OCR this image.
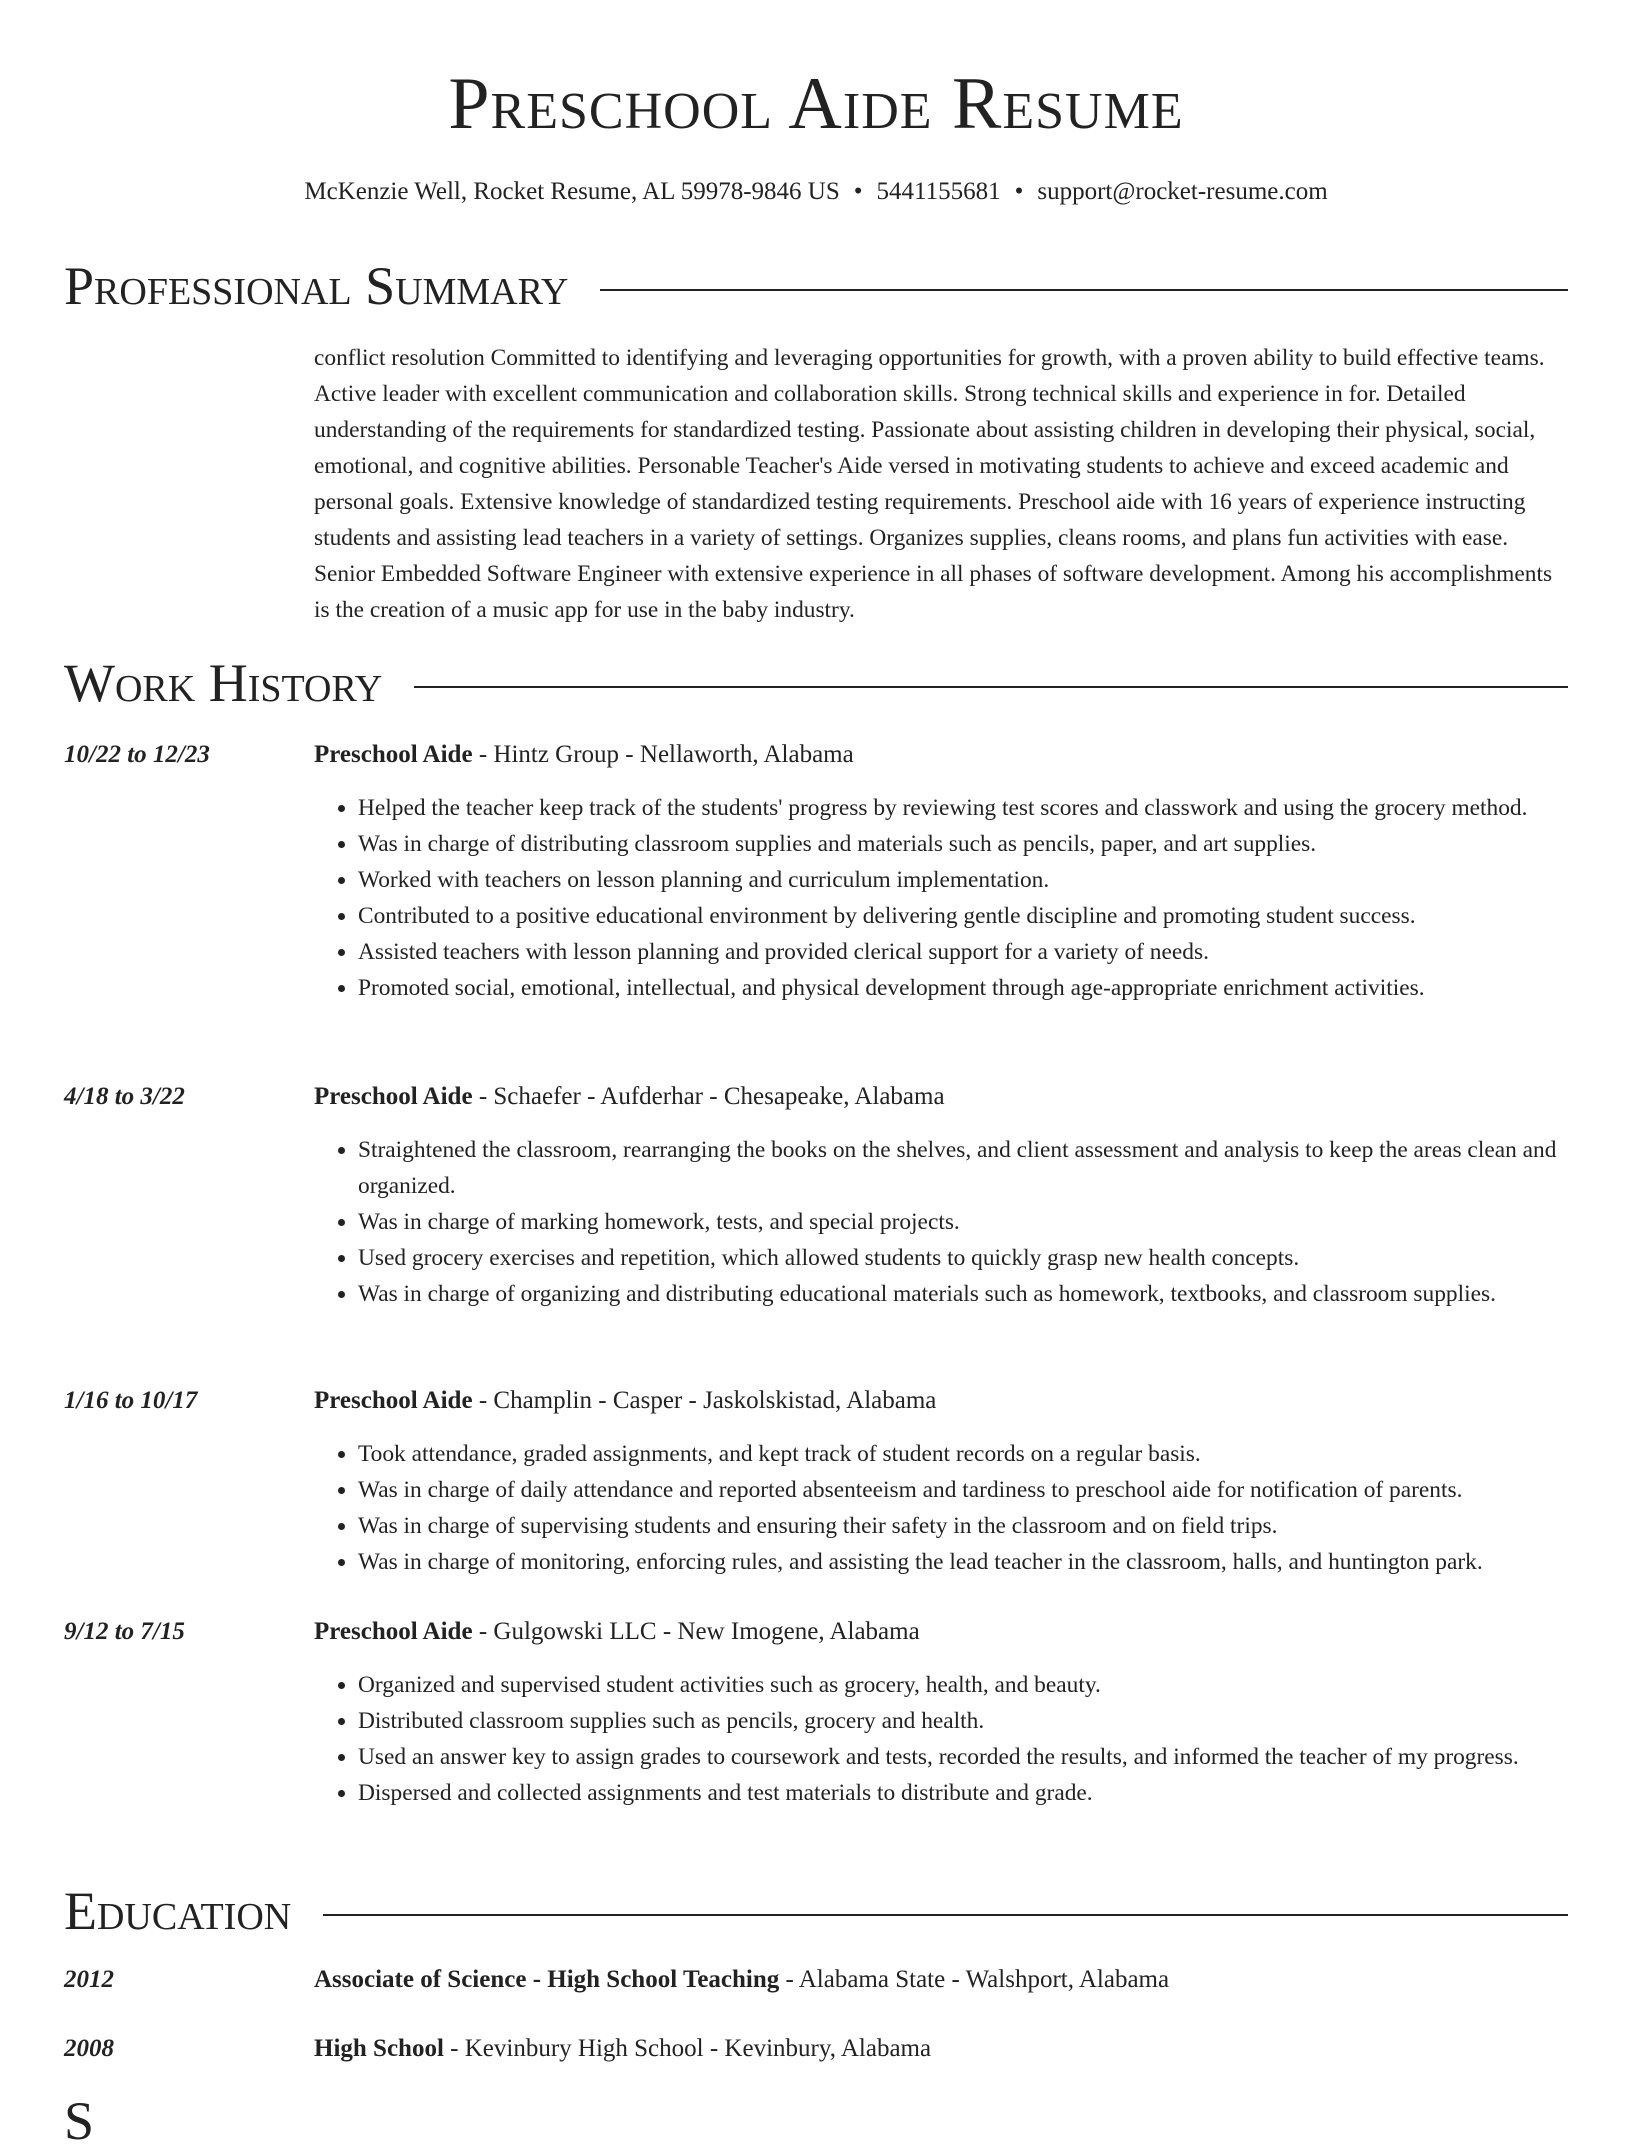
Preschool Aide Resume
McKenzie Well, Rocket Resume, AL 59978-9846 US • 5441155681 • support@rocket-resume.com
Professional Summary
conflict resolution Committed to identifying and leveraging opportunities for growth, with a proven ability to build effective teams. Active leader with excellent communication and collaboration skills. Strong technical skills and experience in for. Detailed understanding of the requirements for standardized testing. Passionate about assisting children in developing their physical, social, emotional, and cognitive abilities. Personable Teacher's Aide versed in motivating students to achieve and exceed academic and personal goals. Extensive knowledge of standardized testing requirements. Preschool aide with 16 years of experience instructing students and assisting lead teachers in a variety of settings. Organizes supplies, cleans rooms, and plans fun activities with ease. Senior Embedded Software Engineer with extensive experience in all phases of software development. Among his accomplishments is the creation of a music app for use in the baby industry.
Work History
10/22 to 12/23	Preschool Aide - Hintz Group - Nellaworth, Alabama
• Helped the teacher keep track of the students' progress by reviewing test scores and classwork and using the grocery method.
• Was in charge of distributing classroom supplies and materials such as pencils, paper, and art supplies.
• Worked with teachers on lesson planning and curriculum implementation.
• Contributed to a positive educational environment by delivering gentle discipline and promoting student success.
• Assisted teachers with lesson planning and provided clerical support for a variety of needs.
• Promoted social, emotional, intellectual, and physical development through age-appropriate enrichment activities.
4/18 to 3/22	Preschool Aide - Schaefer - Aufderhar - Chesapeake, Alabama
• Straightened the classroom, rearranging the books on the shelves, and client assessment and analysis to keep the areas clean and organized.
• Was in charge of marking homework, tests, and special projects.
• Used grocery exercises and repetition, which allowed students to quickly grasp new health concepts.
• Was in charge of organizing and distributing educational materials such as homework, textbooks, and classroom supplies.
1/16 to 10/17	Preschool Aide - Champlin - Casper - Jaskolskistad, Alabama
• Took attendance, graded assignments, and kept track of student records on a regular basis.
• Was in charge of daily attendance and reported absenteeism and tardiness to preschool aide for notification of parents.
• Was in charge of supervising students and ensuring their safety in the classroom and on field trips.
• Was in charge of monitoring, enforcing rules, and assisting the lead teacher in the classroom, halls, and huntington park.
9/12 to 7/15	Preschool Aide - Gulgowski LLC - New Imogene, Alabama
• Organized and supervised student activities such as grocery, health, and beauty.
• Distributed classroom supplies such as pencils, grocery and health.
• Used an answer key to assign grades to coursework and tests, recorded the results, and informed the teacher of my progress.
• Dispersed and collected assignments and test materials to distribute and grade.
Education
2012	Associate of Science - High School Teaching - Alabama State - Walshport, Alabama
2008	High School - Kevinbury High School - Kevinbury, Alabama
S
